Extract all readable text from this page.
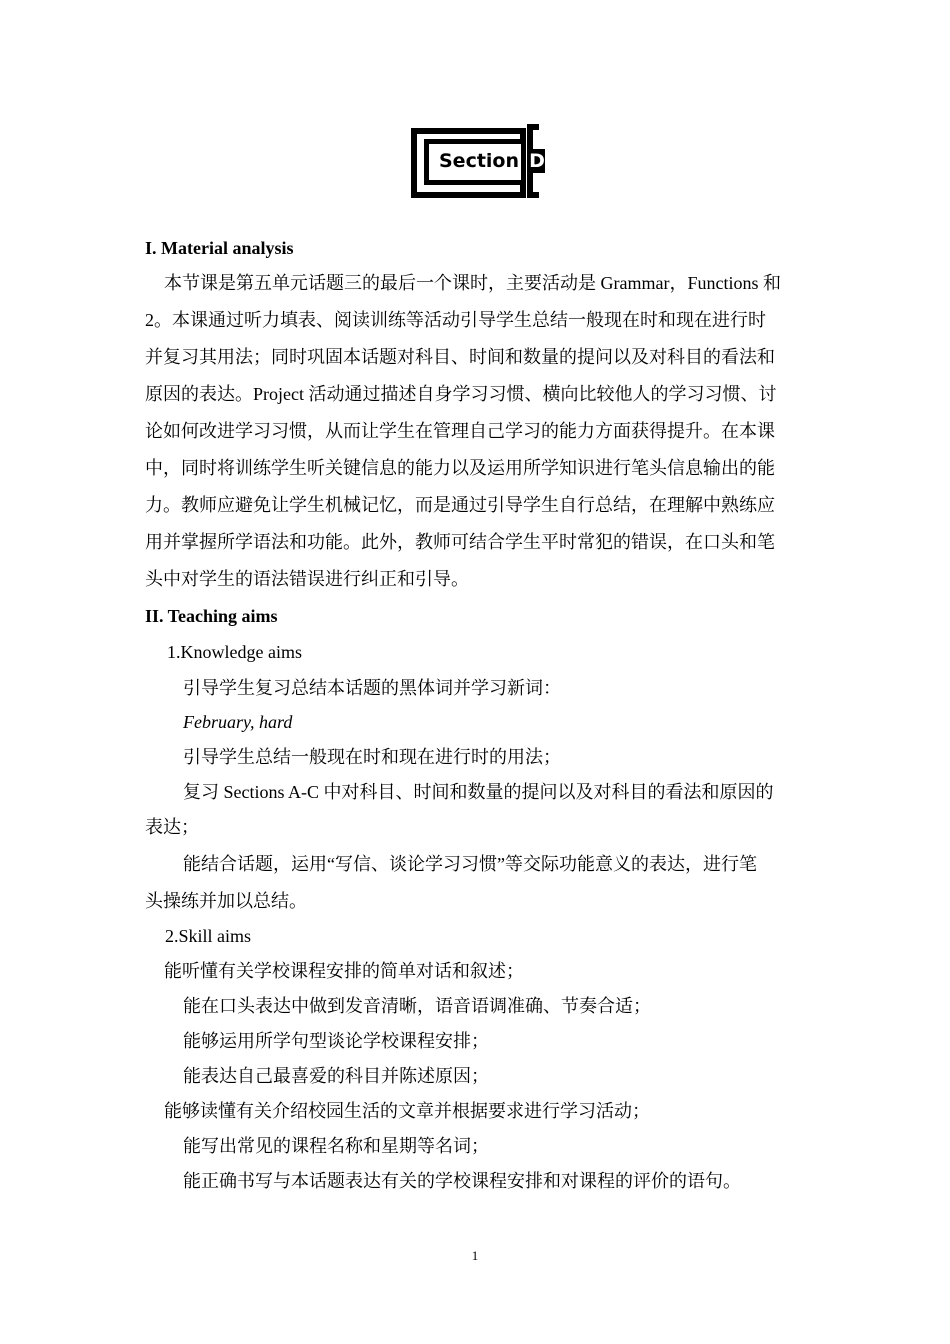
Section D
I. Material analysis
本节课是第五单元话题三的最后一个课时，主要活动是 Grammar，Functions 和
2。本课通过听力填表、阅读训练等活动引导学生总结一般现在时和现在进行时
并复习其用法；同时巩固本话题对科目、时间和数量的提问以及对科目的看法和
原因的表达。Project 活动通过描述自身学习习惯、横向比较他人的学习习惯、讨
论如何改进学习习惯，从而让学生在管理自己学习的能力方面获得提升。在本课
中，同时将训练学生听关键信息的能力以及运用所学知识进行笔头信息输出的能
力。教师应避免让学生机械记忆，而是通过引导学生自行总结，在理解中熟练应
用并掌握所学语法和功能。此外，教师可结合学生平时常犯的错误，在口头和笔
头中对学生的语法错误进行纠正和引导。
II. Teaching aims
1.Knowledge aims
引导学生复习总结本话题的黑体词并学习新词：
February, hard
引导学生总结一般现在时和现在进行时的用法；
复习 Sections A-C 中对科目、时间和数量的提问以及对科目的看法和原因的
表达；
能结合话题，运用“写信、谈论学习习惯”等交际功能意义的表达，进行笔
头操练并加以总结。
2.Skill aims
能听懂有关学校课程安排的简单对话和叙述；
能在口头表达中做到发音清晰，语音语调准确、节奏合适；
能够运用所学句型谈论学校课程安排；
能表达自己最喜爱的科目并陈述原因；
能够读懂有关介绍校园生活的文章并根据要求进行学习活动；
能写出常见的课程名称和星期等名词；
能正确书写与本话题表达有关的学校课程安排和对课程的评价的语句。
1
